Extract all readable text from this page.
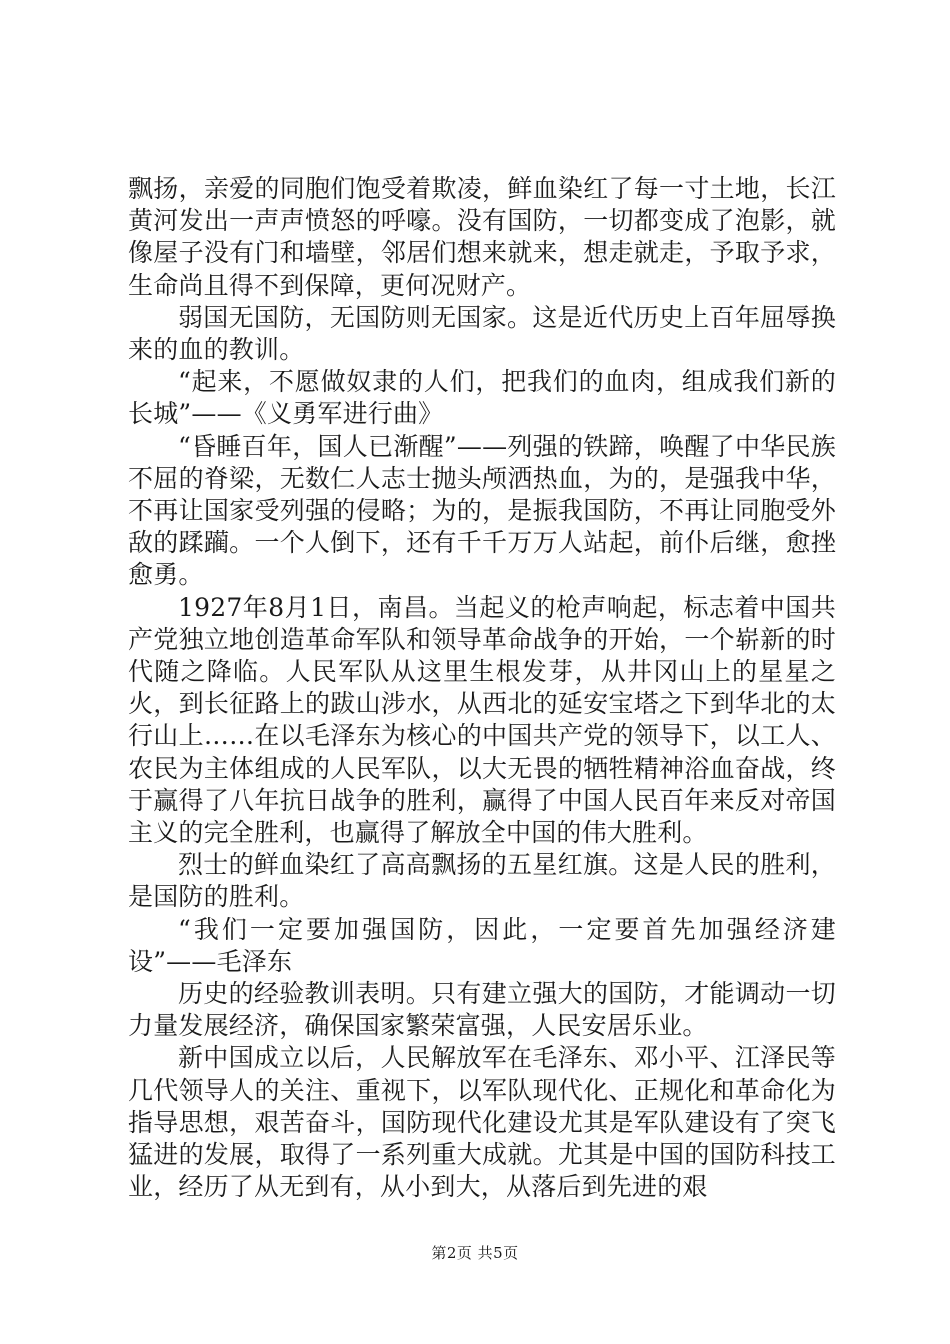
飘扬，亲爱的同胞们饱受着欺凌，鲜血染红了每一寸土地，长江黄河发出一声声愤怒的呼嚎。没有国防，一切都变成了泡影，就像屋子没有门和墙壁，邻居们想来就来，想走就走，予取予求，生命尚且得不到保障，更何况财产。

弱国无国防，无国防则无国家。这是近代历史上百年屈辱换来的血的教训。

“起来，不愿做奴隶的人们，把我们的血肉，组成我们新的长城”——《义勇军进行曲》

“昏睡百年，国人已渐醒”——列强的铁蹄，唤醒了中华民族不屈的脊梁，无数仁人志士抛头颅洒热血，为的，是强我中华，不再让国家受列强的侵略；为的，是振我国防，不再让同胞受外敌的蹂躏。一个人倒下，还有千千万万人站起，前仆后继，愈挫愈勇。

1927年8月1日，南昌。当起义的枪声响起，标志着中国共产党独立地创造革命军队和领导革命战争的开始，一个崭新的时代随之降临。人民军队从这里生根发芽，从井冈山上的星星之火，到长征路上的跋山涉水，从西北的延安宝塔之下到华北的太行山上……在以毛泽东为核心的中国共产党的领导下，以工人、农民为主体组成的人民军队，以大无畏的牺牲精神浴血奋战，终于赢得了八年抗日战争的胜利，赢得了中国人民百年来反对帝国主义的完全胜利，也赢得了解放全中国的伟大胜利。

烈士的鲜血染红了高高飘扬的五星红旗。这是人民的胜利，是国防的胜利。

“我们一定要加强国防，因此，一定要首先加强经济建设”——毛泽东

历史的经验教训表明。只有建立强大的国防，才能调动一切力量发展经济，确保国家繁荣富强，人民安居乐业。

新中国成立以后，人民解放军在毛泽东、邓小平、江泽民等几代领导人的关注、重视下，以军队现代化、正规化和革命化为指导思想，艰苦奋斗，国防现代化建设尤其是军队建设有了突飞猛进的发展，取得了一系列重大成就。尤其是中国的国防科技工业，经历了从无到有，从小到大，从落后到先进的艰

第2页 共5页
